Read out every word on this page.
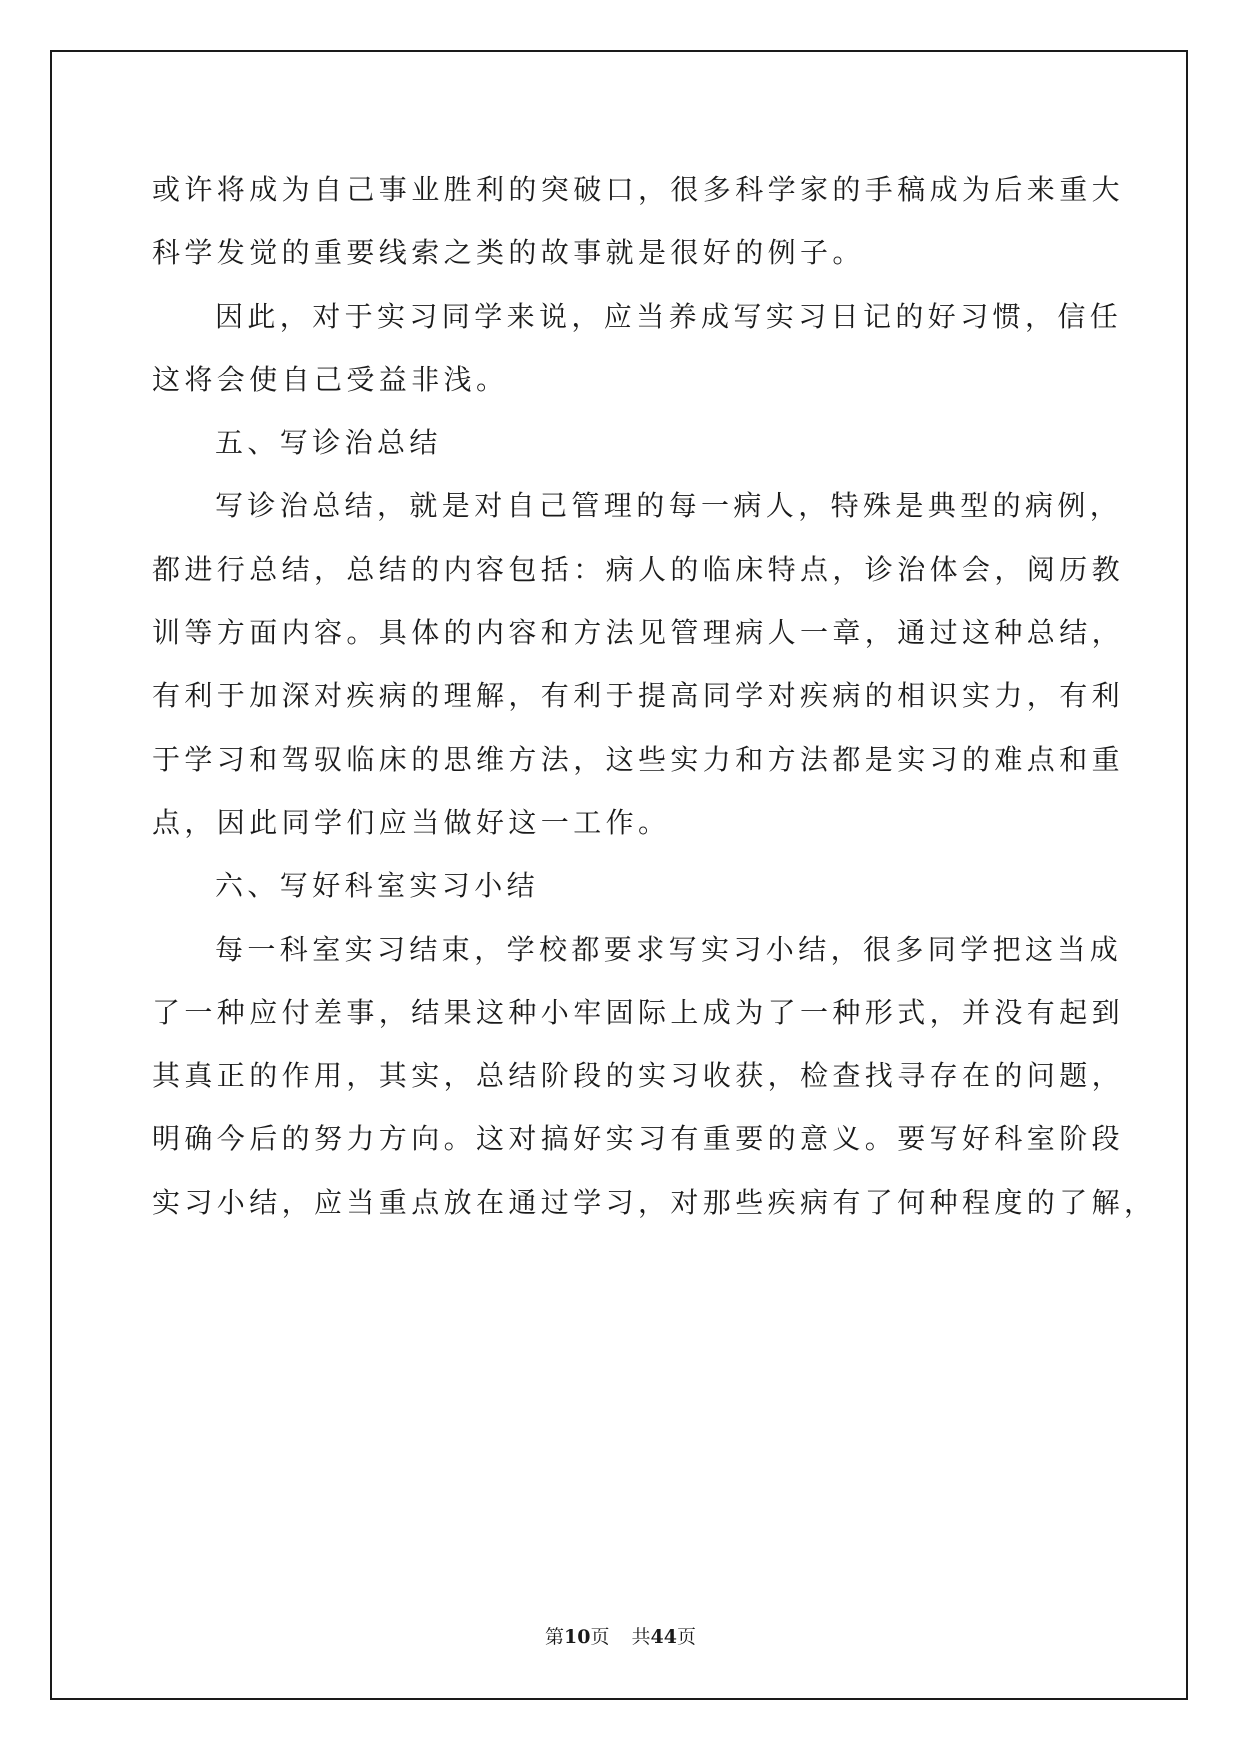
或许将成为自己事业胜利的突破口，很多科学家的手稿成为后来重大
科学发觉的重要线索之类的故事就是很好的例子。
因此，对于实习同学来说，应当养成写实习日记的好习惯，信任
这将会使自己受益非浅。
五、写诊治总结
写诊治总结，就是对自己管理的每一病人，特殊是典型的病例，
都进行总结，总结的内容包括：病人的临床特点，诊治体会，阅历教
训等方面内容。具体的内容和方法见管理病人一章，通过这种总结，
有利于加深对疾病的理解，有利于提高同学对疾病的相识实力，有利
于学习和驾驭临床的思维方法，这些实力和方法都是实习的难点和重
点，因此同学们应当做好这一工作。
六、写好科室实习小结
每一科室实习结束，学校都要求写实习小结，很多同学把这当成
了一种应付差事，结果这种小牢固际上成为了一种形式，并没有起到
其真正的作用，其实，总结阶段的实习收获，检查找寻存在的问题，
明确今后的努力方向。这对搞好实习有重要的意义。要写好科室阶段
实习小结，应当重点放在通过学习，对那些疾病有了何种程度的了解，
第10页 共44页
